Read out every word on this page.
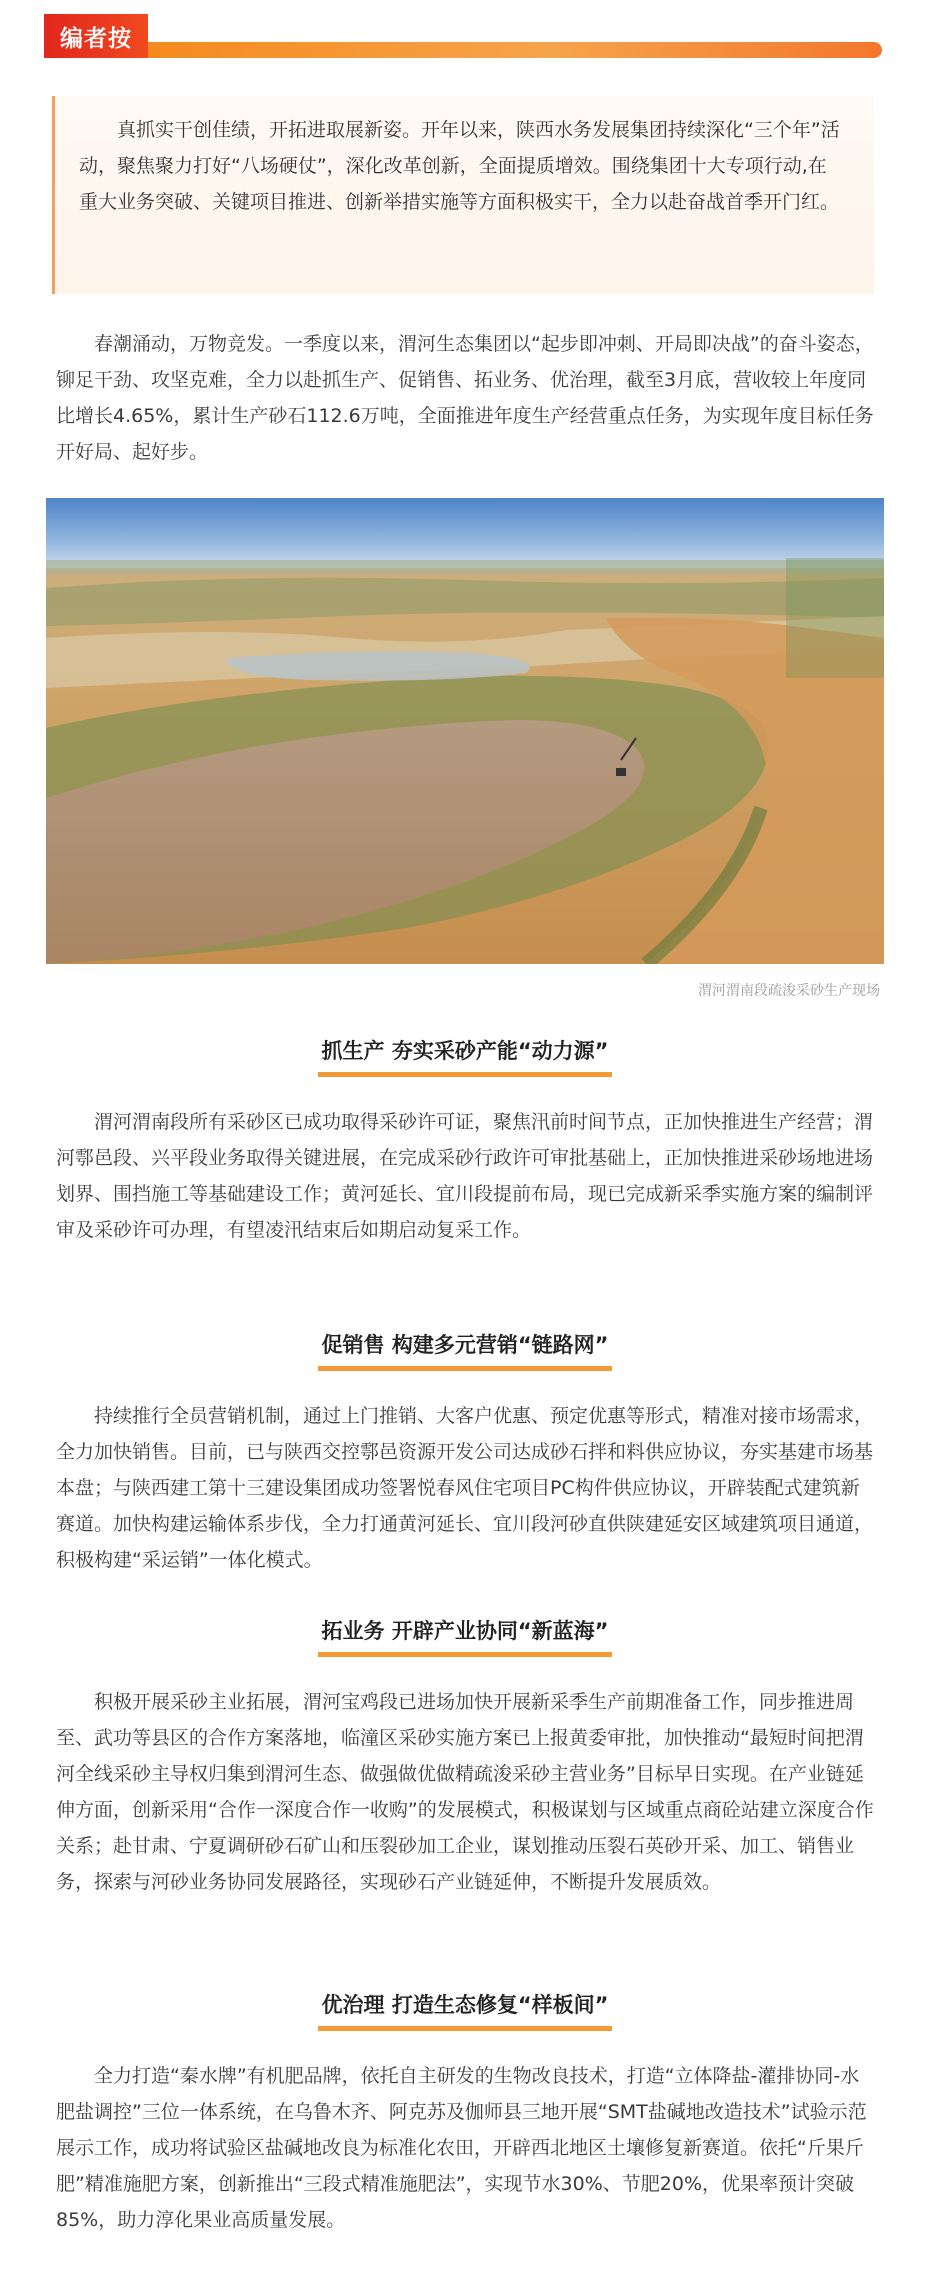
编者按

真抓实干创佳绩，开拓进取展新姿。开年以来，陕西水务发展集团持续深化“三个年”活动，聚焦聚力打好“八场硬仗”，深化改革创新，全面提质增效。围绕集团十大专项行动,在重大业务突破、关键项目推进、创新举措实施等方面积极实干，全力以赴奋战首季开门红。

春潮涌动，万物竞发。一季度以来，渭河生态集团以“起步即冲刺、开局即决战”的奋斗姿态，铆足干劲、攻坚克难，全力以赴抓生产、促销售、拓业务、优治理，截至3月底，营收较上年度同比增长4.65%，累计生产砂石112.6万吨，全面推进年度生产经营重点任务，为实现年度目标任务开好局、起好步。

渭河渭南段疏浚采砂生产现场
抓生产 夯实采砂产能“动力源”

渭河渭南段所有采砂区已成功取得采砂许可证，聚焦汛前时间节点，正加快推进生产经营；渭河鄠邑段、兴平段业务取得关键进展，在完成采砂行政许可审批基础上，正加快推进采砂场地进场划界、围挡施工等基础建设工作；黄河延长、宜川段提前布局，现已完成新采季实施方案的编制评审及采砂许可办理，有望凌汛结束后如期启动复采工作。

促销售 构建多元营销“链路网”

持续推行全员营销机制，通过上门推销、大客户优惠、预定优惠等形式，精准对接市场需求，全力加快销售。目前，已与陕西交控鄠邑资源开发公司达成砂石拌和料供应协议，夯实基建市场基本盘；与陕西建工第十三建设集团成功签署悦春风住宅项目PC构件供应协议，开辟装配式建筑新赛道。加快构建运输体系步伐，全力打通黄河延长、宜川段河砂直供陕建延安区域建筑项目通道，积极构建“采运销”一体化模式。

拓业务 开辟产业协同“新蓝海”

积极开展采砂主业拓展，渭河宝鸡段已进场加快开展新采季生产前期准备工作，同步推进周至、武功等县区的合作方案落地，临潼区采砂实施方案已上报黄委审批，加快推动“最短时间把渭河全线采砂主导权归集到渭河生态、做强做优做精疏浚采砂主营业务”目标早日实现。在产业链延伸方面，创新采用“合作一深度合作一收购”的发展模式，积极谋划与区域重点商砼站建立深度合作关系；赴甘肃、宁夏调研砂石矿山和压裂砂加工企业，谋划推动压裂石英砂开采、加工、销售业务，探索与河砂业务协同发展路径，实现砂石产业链延伸，不断提升发展质效。

优治理 打造生态修复“样板间”

全力打造“秦水牌”有机肥品牌，依托自主研发的生物改良技术，打造“立体降盐-灌排协同-水肥盐调控”三位一体系统，在乌鲁木齐、阿克苏及伽师县三地开展“SMT盐碱地改造技术”试验示范展示工作，成功将试验区盐碱地改良为标准化农田，开辟西北地区土壤修复新赛道。依托“斤果斤肥”精准施肥方案，创新推出“三段式精准施肥法”，实现节水30%、节肥20%，优果率预计突破85%，助力淳化果业高质量发展。
